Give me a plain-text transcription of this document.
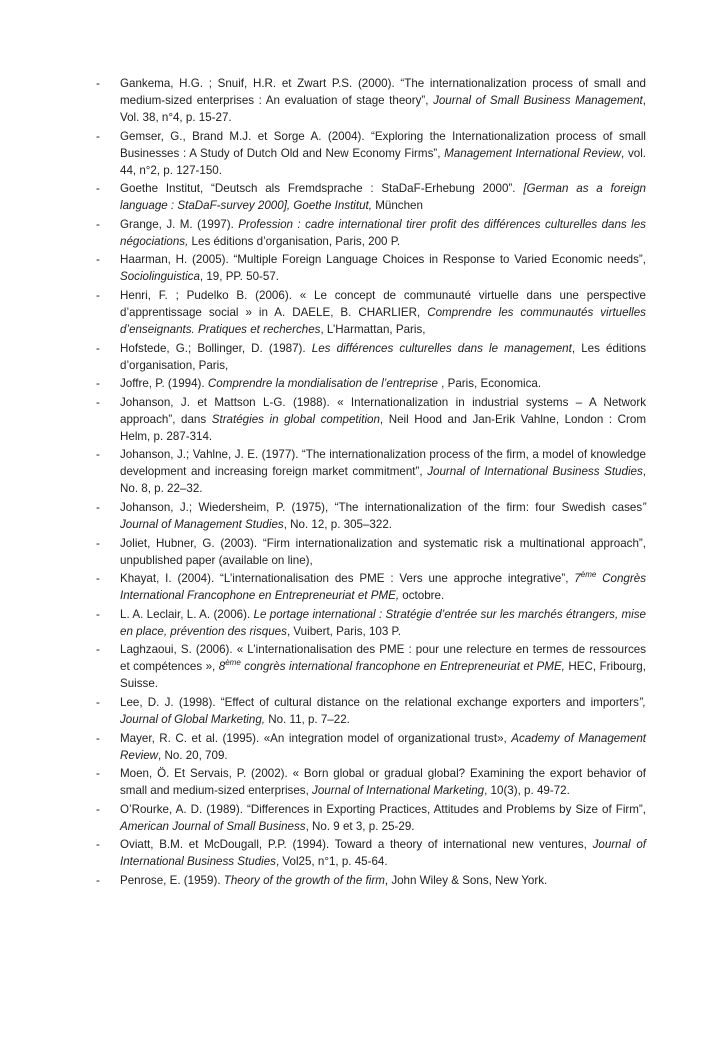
- Gankema, H.G. ; Snuif, H.R. et Zwart P.S. (2000). “The internationalization process of small and medium-sized enterprises : An evaluation of stage theory”, Journal of Small Business Management, Vol. 38, n°4, p. 15-27.
- Gemser, G., Brand M.J. et Sorge A. (2004). “Exploring the Internationalization process of small Businesses : A Study of Dutch Old and New Economy Firms”, Management International Review, vol. 44, n°2, p. 127-150.
- Goethe Institut, “Deutsch als Fremdsprache : StaDaF-Erhebung 2000”. [German as a foreign language : StaDaF-survey 2000], Goethe Institut, München
- Grange, J. M. (1997). Profession : cadre international tirer profit des différences culturelles dans les négociations, Les éditions d’organisation, Paris, 200 P.
- Haarman, H. (2005). “Multiple Foreign Language Choices in Response to Varied Economic needs”, Sociolinguistica, 19, PP. 50-57.
- Henri, F. ; Pudelko B. (2006). « Le concept de communauté virtuelle dans une perspective d’apprentissage social » in A. DAELE, B. CHARLIER, Comprendre les communautés virtuelles d’enseignants. Pratiques et recherches, L’Harmattan, Paris,
- Hofstede, G.; Bollinger, D. (1987). Les différences culturelles dans le management, Les éditions d’organisation, Paris,
- Joffre, P. (1994). Comprendre la mondialisation de l’entreprise , Paris, Economica.
- Johanson, J. et Mattson L-G. (1988). « Internationalization in industrial systems – A Network approach”, dans Stratégies in global competition, Neil Hood and Jan-Erik Vahlne, London : Crom Helm, p. 287-314.
- Johanson, J.; Vahlne, J. E. (1977). “The internationalization process of the firm, a model of knowledge development and increasing foreign market commitment”, Journal of International Business Studies, No. 8, p. 22–32.
- Johanson, J.; Wiedersheim, P. (1975), “The internationalization of the firm: four Swedish cases” Journal of Management Studies, No. 12, p. 305–322.
- Joliet, Hubner, G. (2003). “Firm internationalization and systematic risk a multinational approach”, unpublished paper (available on line),
- Khayat, I. (2004). “L’internationalisation des PME : Vers une approche integrative”, 7ème Congrès International Francophone en Entrepreneuriat et PME, octobre.
- L. A. Leclair, L. A. (2006). Le portage international : Stratégie d’entrée sur les marchés étrangers, mise en place, prévention des risques, Vuibert, Paris, 103 P.
- Laghzaoui, S. (2006). « L’internationalisation des PME : pour une relecture en termes de ressources et compétences », 8ème congrès international francophone en Entrepreneuriat et PME, HEC, Fribourg, Suisse.
- Lee, D. J. (1998). “Effect of cultural distance on the relational exchange exporters and importers”, Journal of Global Marketing, No. 11, p. 7–22.
- Mayer, R. C. et al. (1995). «An integration model of organizational trust», Academy of Management Review, No. 20, 709.
- Moen, Ö. Et Servais, P. (2002). « Born global or gradual global? Examining the export behavior of small and medium-sized enterprises, Journal of International Marketing, 10(3), p. 49-72.
- O’Rourke, A. D. (1989). “Differences in Exporting Practices, Attitudes and Problems by Size of Firm”, American Journal of Small Business, No. 9 et 3, p. 25-29.
- Oviatt, B.M. et McDougall, P.P. (1994). Toward a theory of international new ventures, Journal of International Business Studies, Vol25, n°1, p. 45-64.
- Penrose, E. (1959). Theory of the growth of the firm, John Wiley & Sons, New York.
